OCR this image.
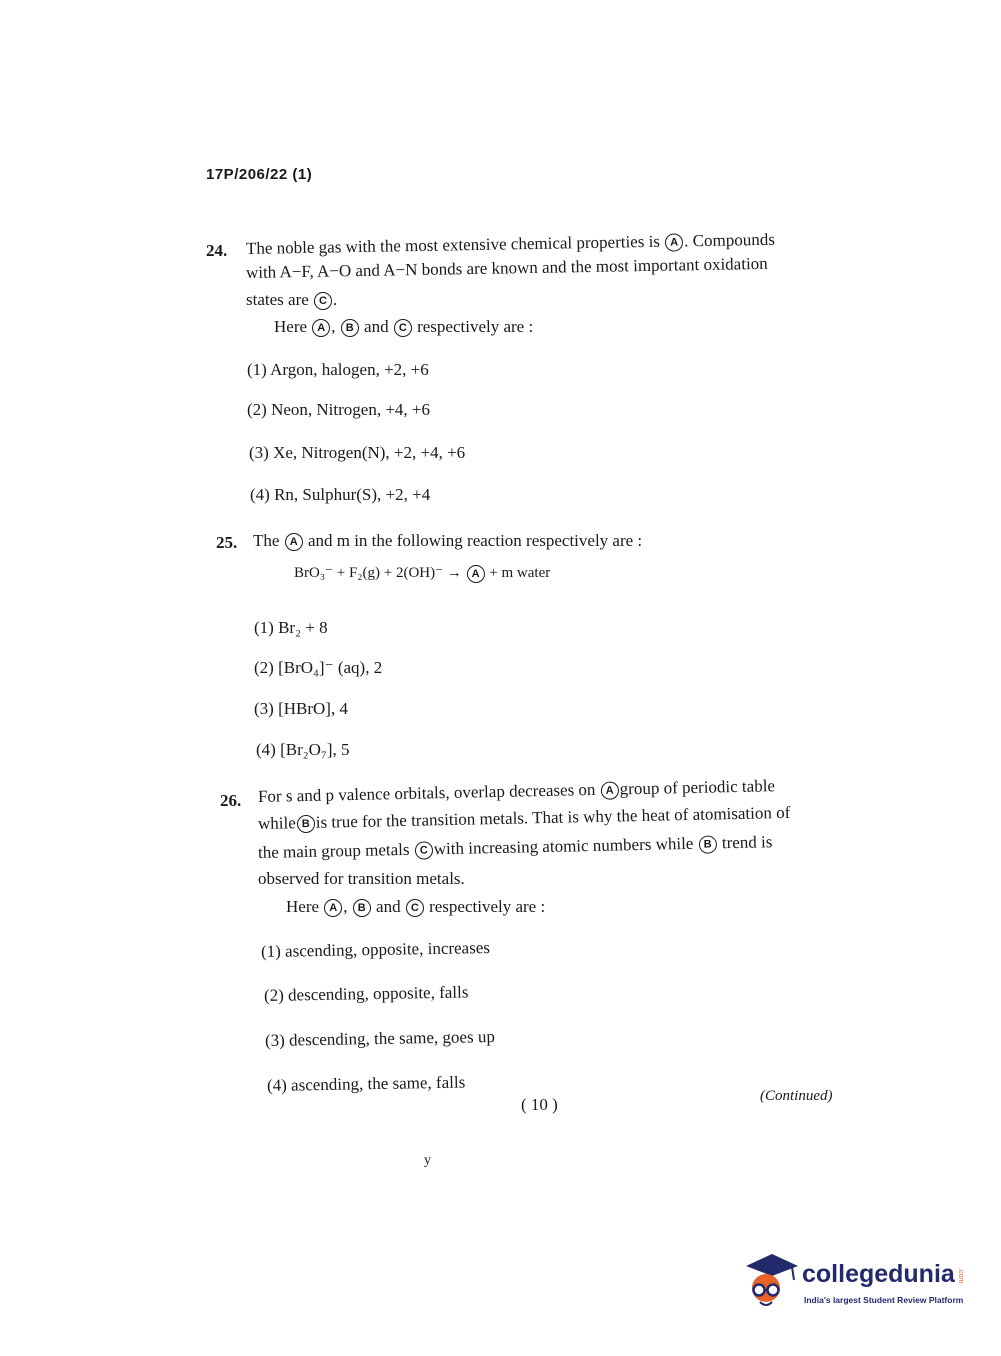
17P/206/22 (1)
24. The noble gas with the most extensive chemical properties is A . Compounds
with A−F, A−O and A−N bonds are known and the most important oxidation
states are C .
Here A , B and C respectively are :
(1) Argon, halogen, +2, +6
(2) Neon, Nitrogen, +4, +6
(3) Xe, Nitrogen(N), +2, +4, +6
(4) Rn, Sulphur(S), +2, +4
25. The A and m in the following reaction respectively are :
BrO₃⁻ + F₂(g) + 2(OH)⁻ → A + m water
(1) Br₂ + 8
(2) [BrO₄]⁻ (aq), 2
(3) [HBrO], 4
(4) [Br₂O₇], 5
26. For s and p valence orbitals, overlap decreases on A group of periodic table
while B is true for the transition metals. That is why the heat of atomisation of
the main group metals C with increasing atomic numbers while B trend is
observed for transition metals.
Here A , B and C respectively are :
(1) ascending, opposite, increases
(2) descending, opposite, falls
(3) descending, the same, goes up
(4) ascending, the same, falls
( 10 )	(Continued)
y
collegedunia .com
India's largest Student Review Platform
